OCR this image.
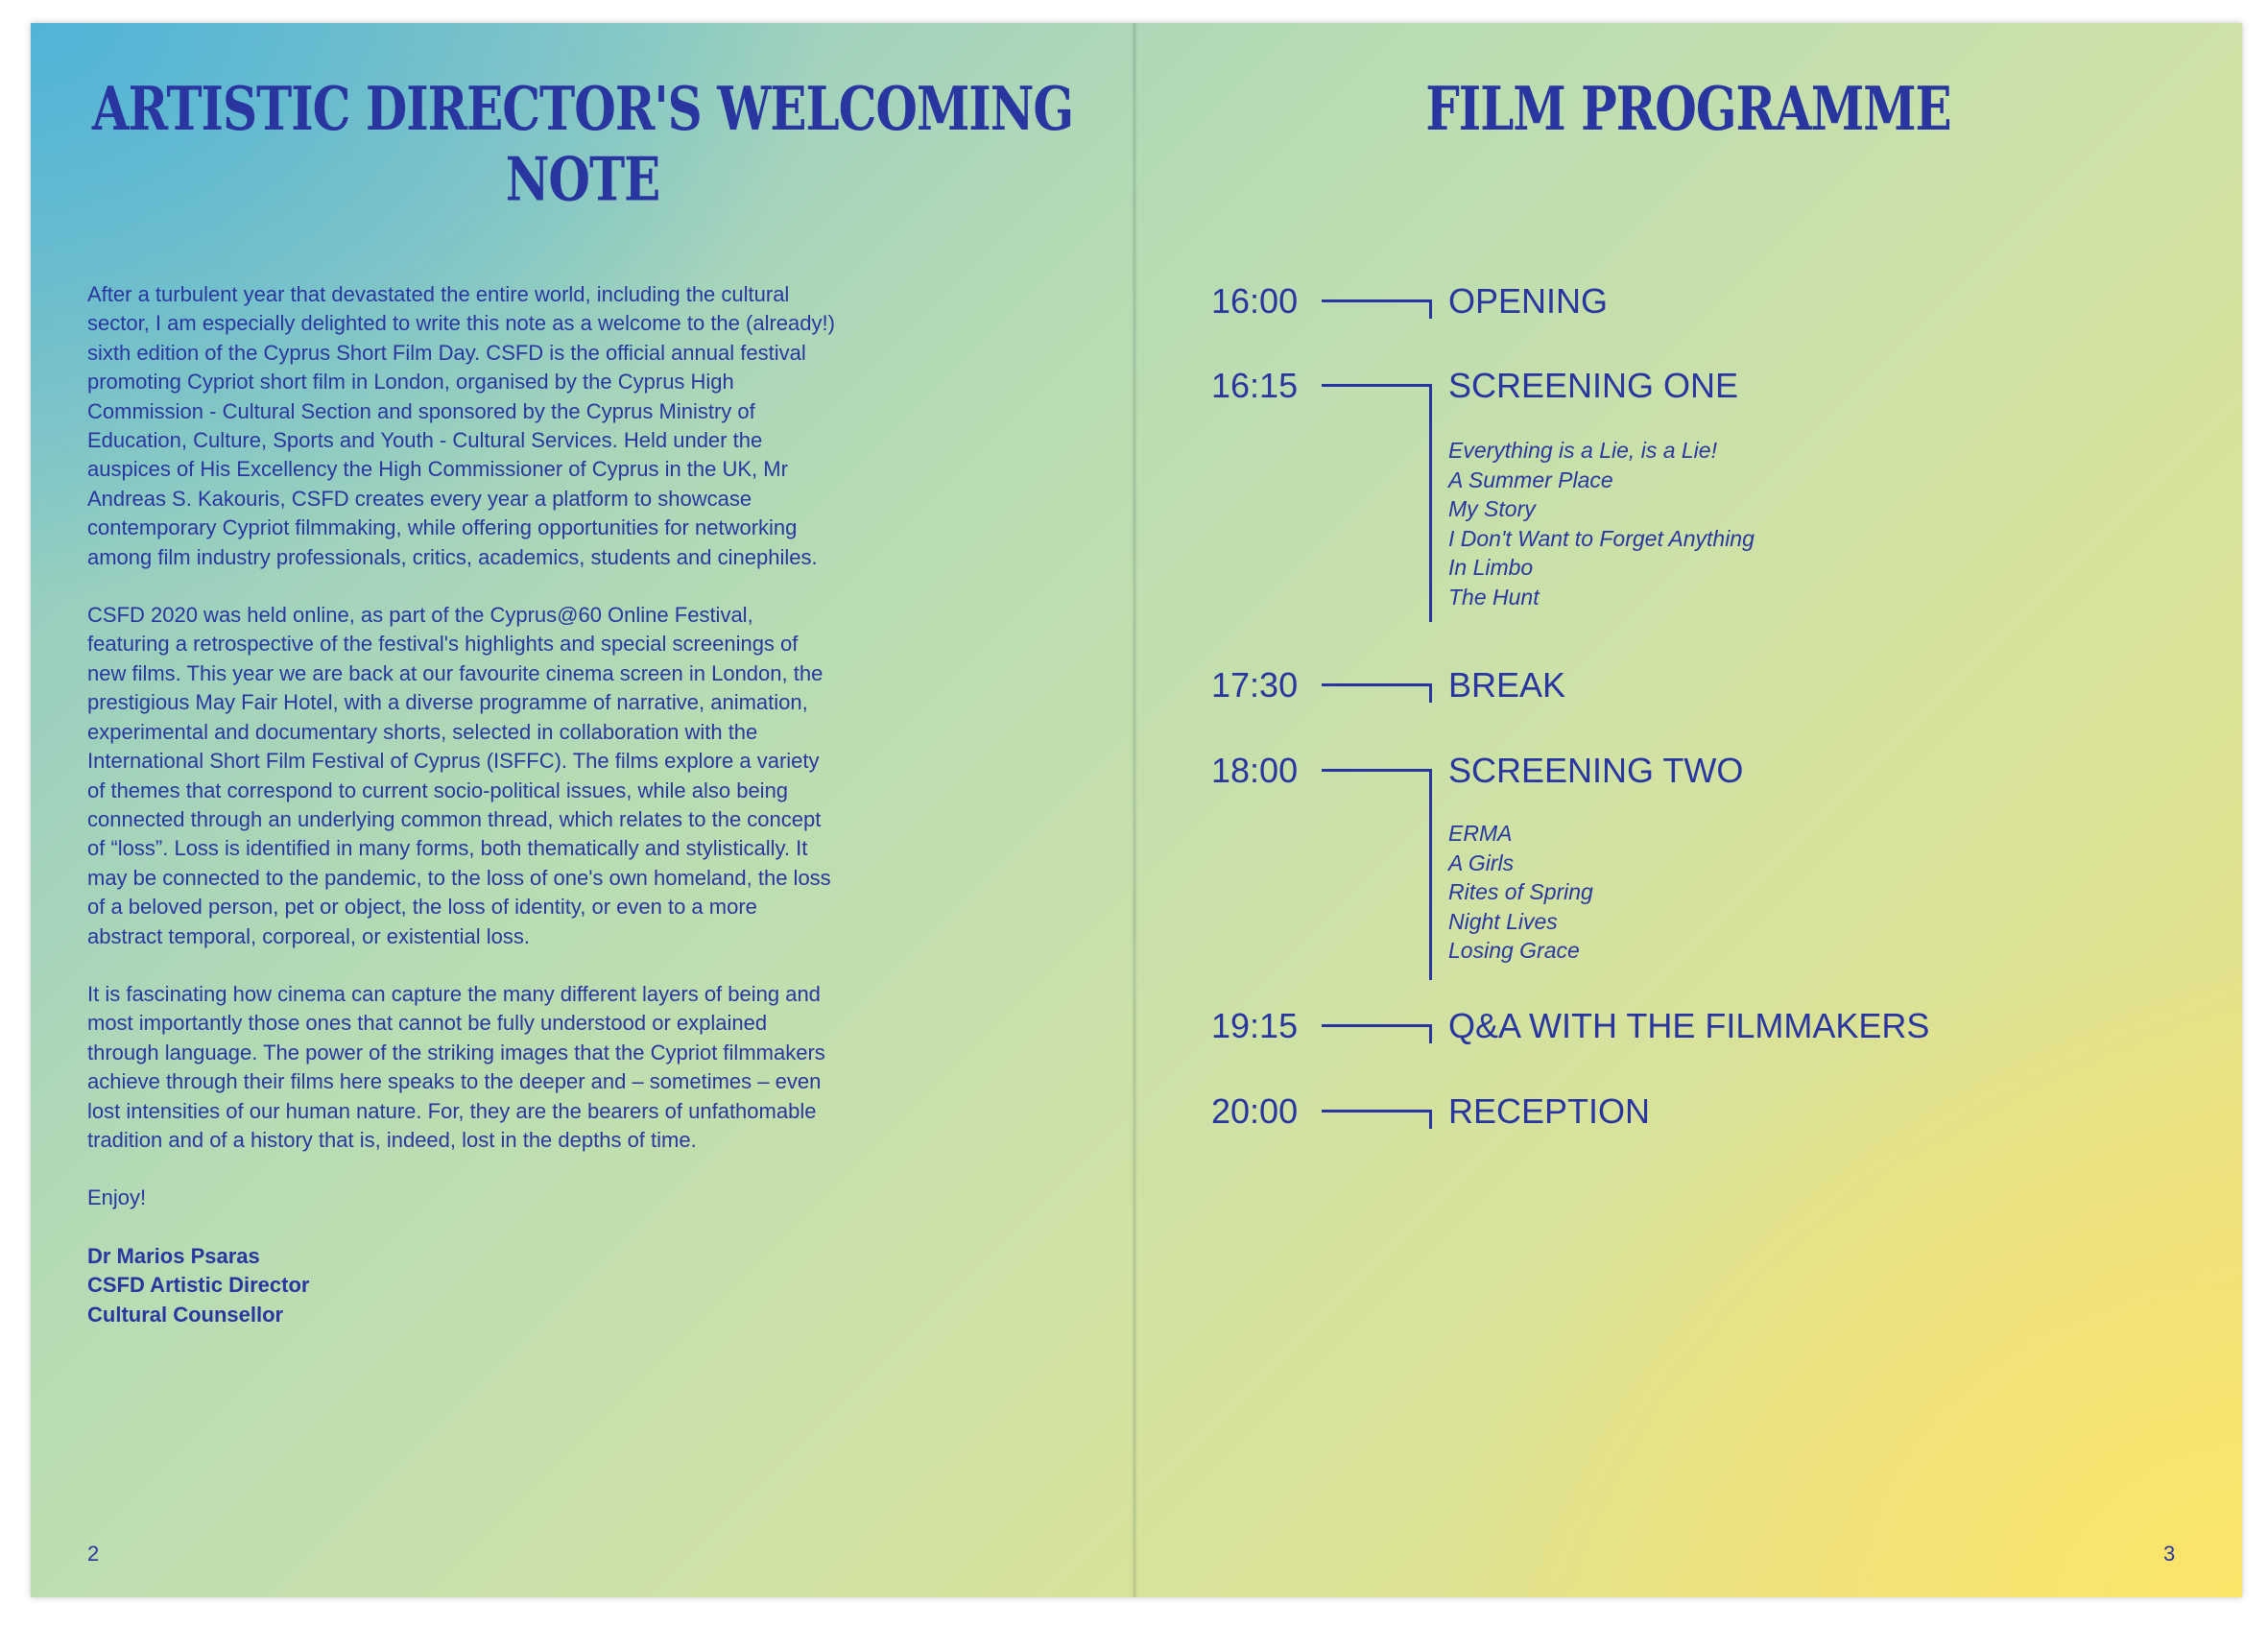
ARTISTIC DIRECTOR'S WELCOMING NOTE

After a turbulent year that devastated the entire world, including the cultural sector, I am especially delighted to write this note as a welcome to the (already!) sixth edition of the Cyprus Short Film Day. CSFD is the official annual festival promoting Cypriot short film in London, organised by the Cyprus High Commission - Cultural Section and sponsored by the Cyprus Ministry of Education, Culture, Sports and Youth - Cultural Services. Held under the auspices of His Excellency the High Commissioner of Cyprus in the UK, Mr Andreas S. Kakouris, CSFD creates every year a platform to showcase contemporary Cypriot filmmaking, while offering opportunities for networking among film industry professionals, critics, academics, students and cinephiles.

CSFD 2020 was held online, as part of the Cyprus@60 Online Festival, featuring a retrospective of the festival's highlights and special screenings of new films. This year we are back at our favourite cinema screen in London, the prestigious May Fair Hotel, with a diverse programme of narrative, animation, experimental and documentary shorts, selected in collaboration with the International Short Film Festival of Cyprus (ISFFC). The films explore a variety of themes that correspond to current socio-political issues, while also being connected through an underlying common thread, which relates to the concept of “loss”. Loss is identified in many forms, both thematically and stylistically. It may be connected to the pandemic, to the loss of one's own homeland, the loss of a beloved person, pet or object, the loss of identity, or even to a more abstract temporal, corporeal, or existential loss.

It is fascinating how cinema can capture the many different layers of being and most importantly those ones that cannot be fully understood or explained through language. The power of the striking images that the Cypriot filmmakers achieve through their films here speaks to the deeper and – sometimes – even lost intensities of our human nature. For, they are the bearers of unfathomable tradition and of a history that is, indeed, lost in the depths of time.

Enjoy!

Dr Marios Psaras

CSFD Artistic Director

Cultural Counsellor

2
FILM PROGRAMME
16:00	OPENING
16:15	SCREENING ONE
Everything is a Lie, is a Lie!
A Summer Place
My Story
I Don't Want to Forget Anything
In Limbo
The Hunt
17:30	BREAK
18:00	SCREENING TWO
ERMA
A Girls
Rites of Spring
Night Lives
Losing Grace
19:15	Q&A WITH THE FILMMAKERS
20:00	RECEPTION
3
